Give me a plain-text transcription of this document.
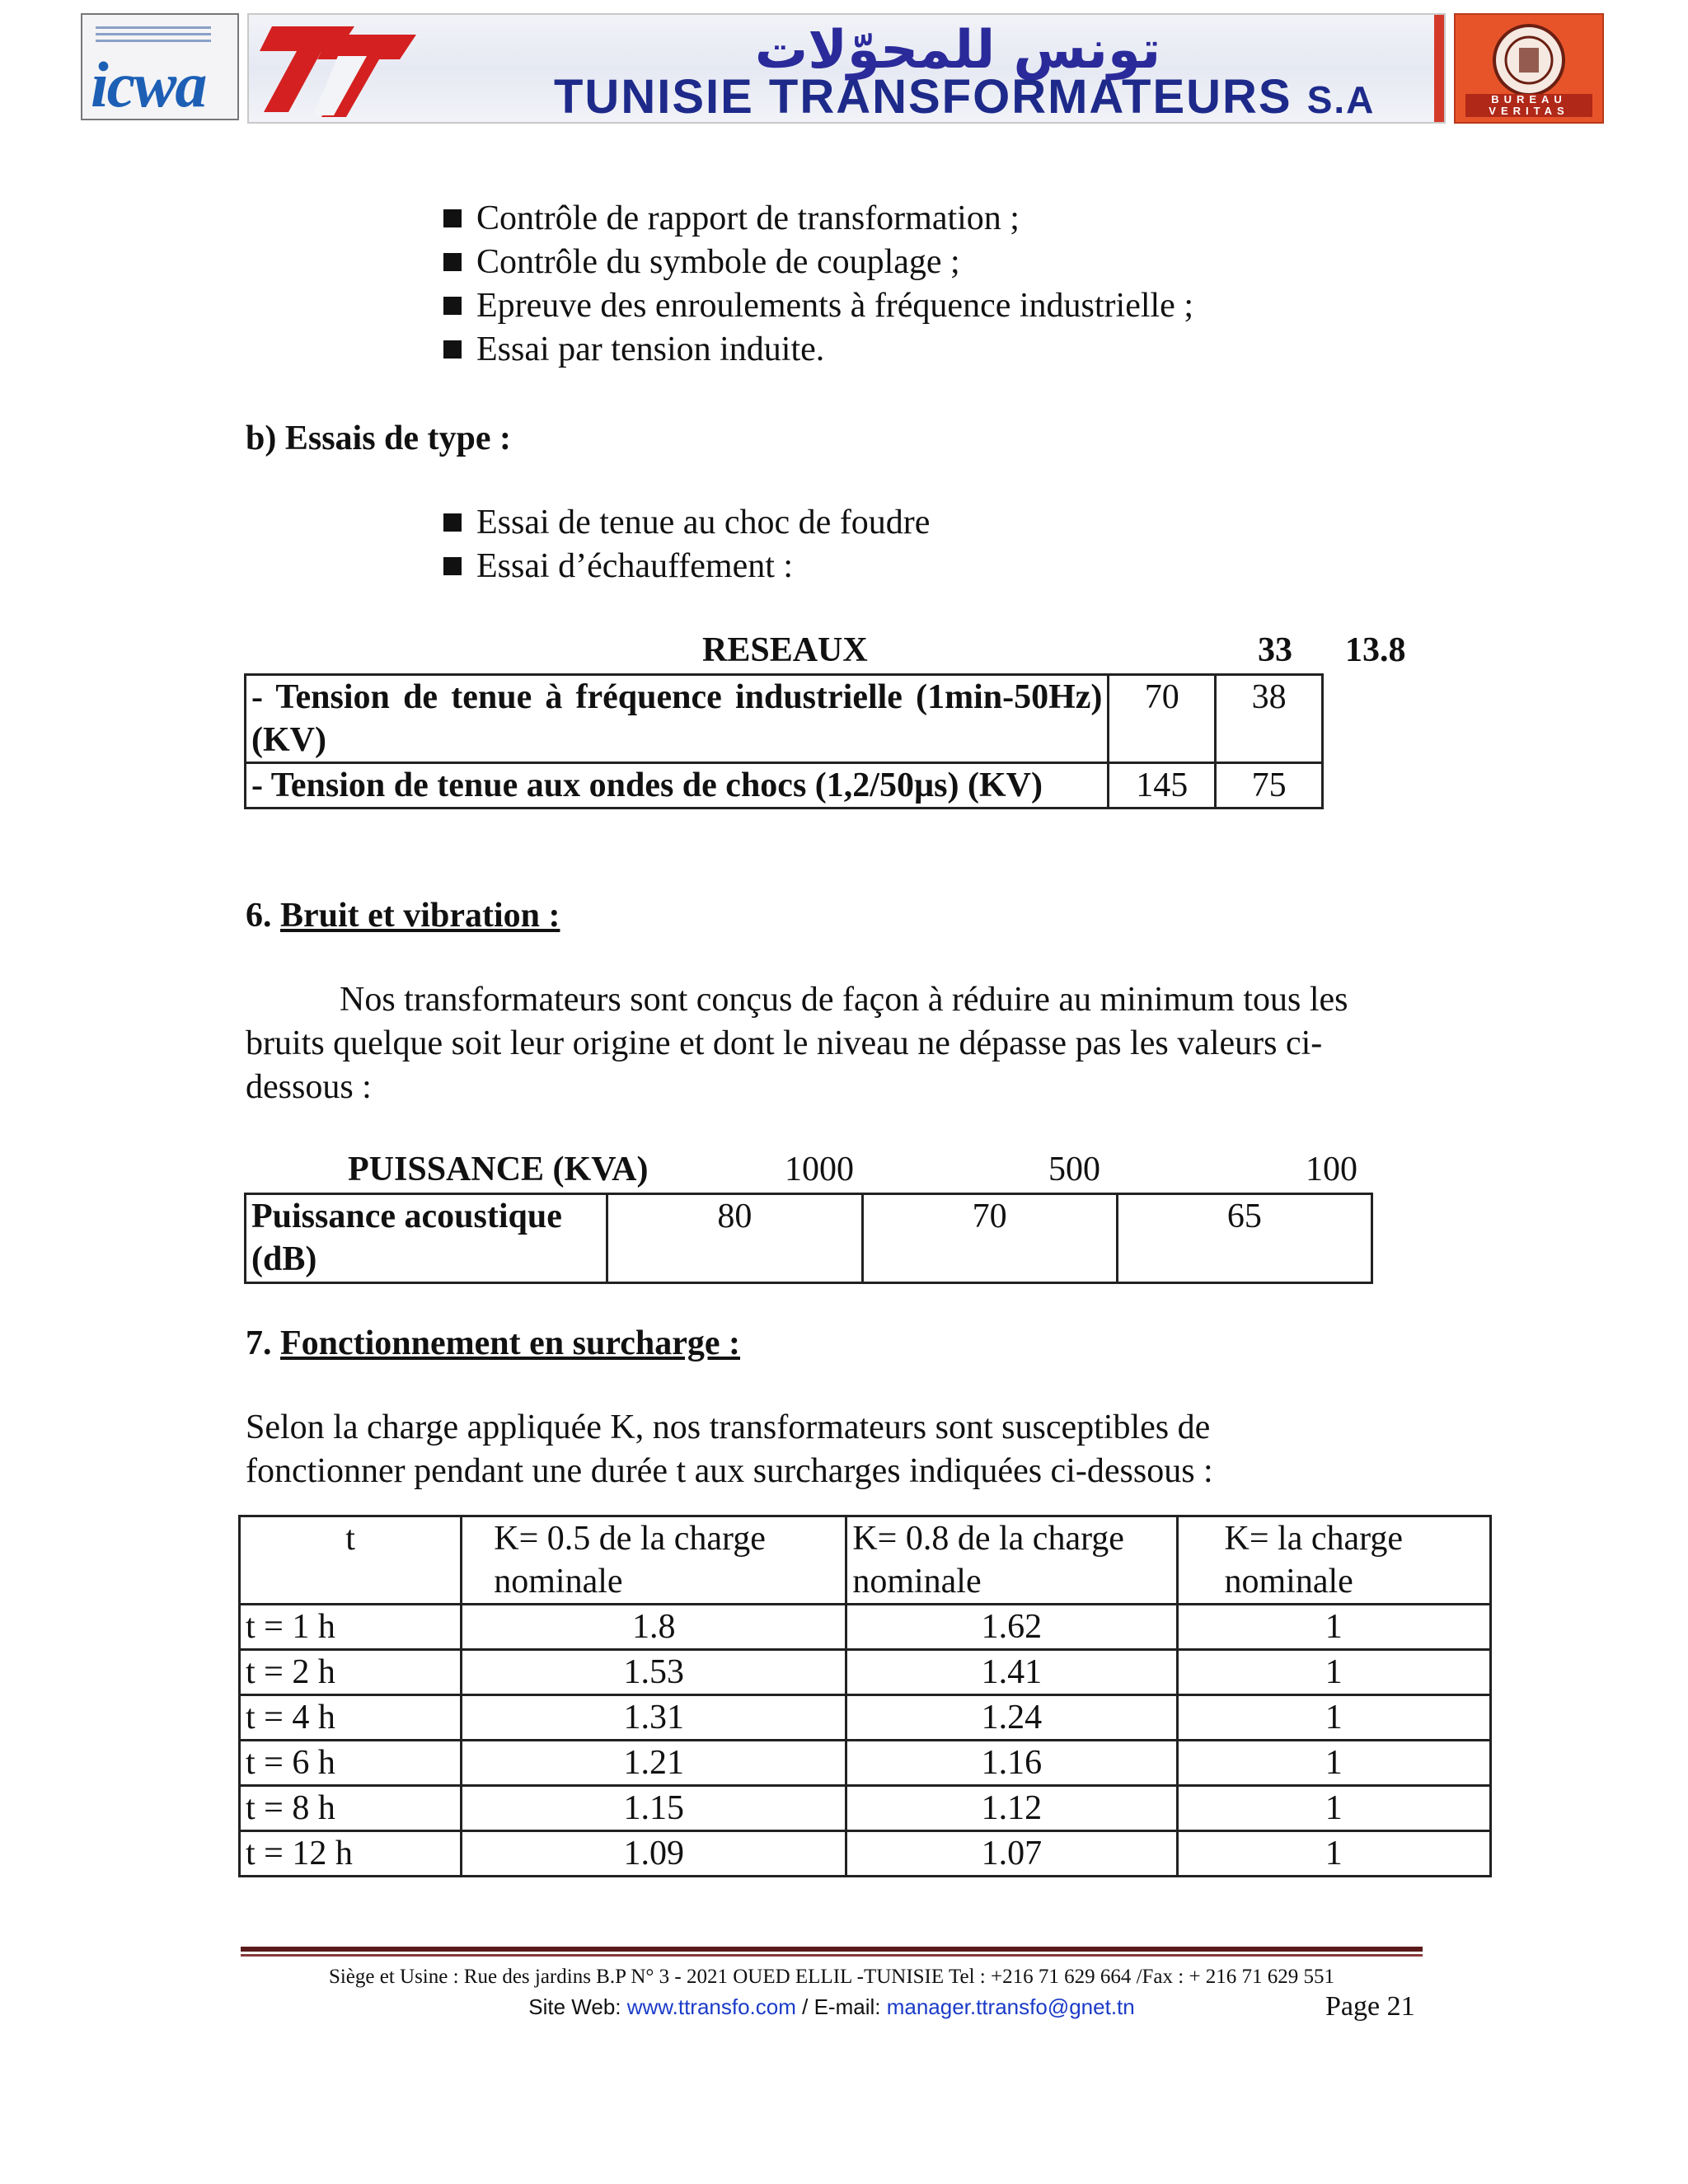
icwa	تونس للمحوّلات
TUNISIE TRANSFORMATEURS S.A	BUREAU VERITAS
Contrôle de rapport de transformation ;
Contrôle du symbole de couplage ;
Epreuve des enroulements à fréquence industrielle ;
Essai par tension induite.
b) Essais de type :
Essai de tenue au choc de foudre
Essai d’échauffement :
RESEAUX	33 13.8
- Tension de tenue à fréquence industrielle (1min-50Hz) (KV)	70	38
- Tension de tenue aux ondes de chocs (1,2/50µs) (KV)	145	75
6. Bruit et vibration :
Nos transformateurs sont conçus de façon à réduire au minimum tous les bruits quelque soit leur origine et dont le niveau ne dépasse pas les valeurs ci-dessous :
PUISSANCE (KVA)	1000	500	100
Puissance acoustique (dB)	80	70	65
7. Fonctionnement en surcharge :
Selon la charge appliquée K, nos transformateurs sont susceptibles de fonctionner pendant une durée t aux surcharges indiquées ci-dessous :
t	K= 0.5 de la charge nominale	K= 0.8 de la charge nominale	K= la charge nominale
t = 1 h	1.8	1.62	1
t = 2 h	1.53	1.41	1
t = 4 h	1.31	1.24	1
t = 6 h	1.21	1.16	1
t = 8 h	1.15	1.12	1
t = 12 h	1.09	1.07	1
Siège et Usine : Rue des jardins B.P N° 3 - 2021 OUED ELLIL -TUNISIE Tel : +216 71 629 664 /Fax : + 216 71 629 551
Site Web: www.ttransfo.com / E-mail: manager.ttransfo@gnet.tn	Page 21
